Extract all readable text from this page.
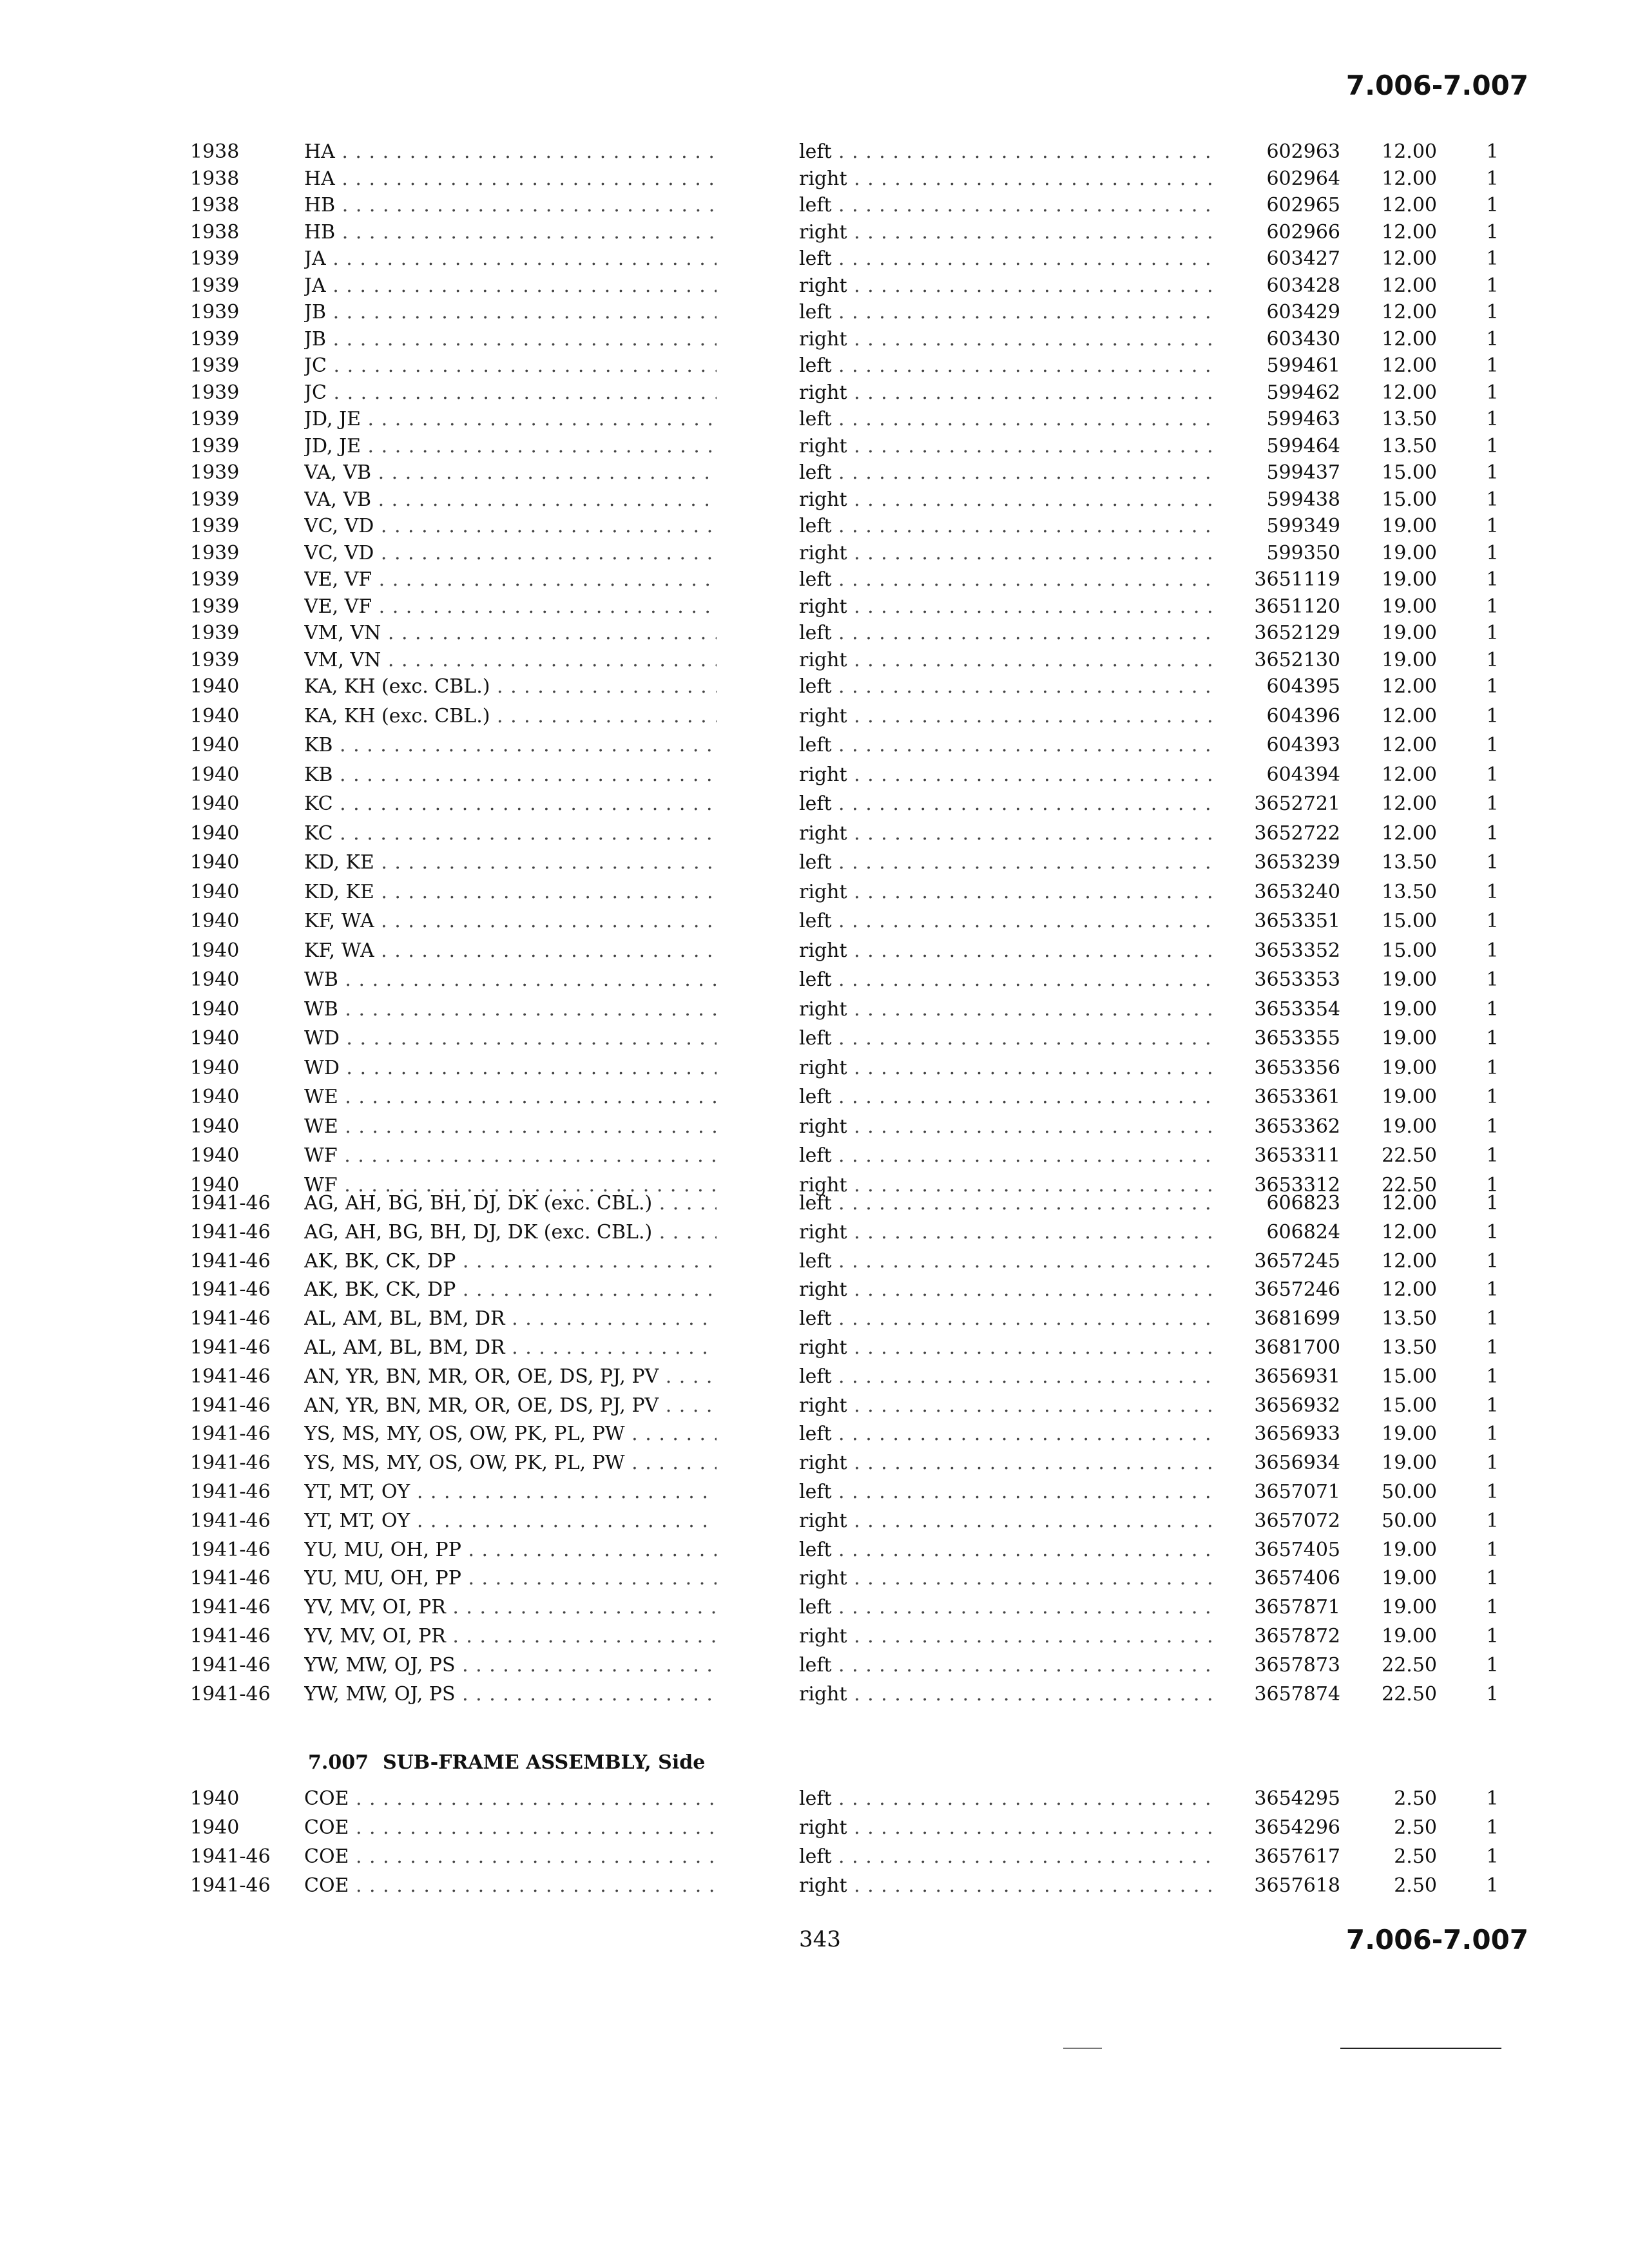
7.006-7.007
1938	HA . . .	left . . .	602963	12.00	1
1938	HA . . .	right . . .	602964	12.00	1
1938	HB . . .	left . . .	602965	12.00	1
1938	HB . . .	right . . .	602966	12.00	1
1939	JA . . .	left . . .	603427	12.00	1
1939	JA . . .	right . . .	603428	12.00	1
1939	JB . . .	left . . .	603429	12.00	1
1939	JB . . .	right . . .	603430	12.00	1
1939	JC . . .	left . . .	599461	12.00	1
1939	JC . . .	right . . .	599462	12.00	1
1939	JD, JE . . .	left . . .	599463	13.50	1
1939	JD, JE . . .	right . . .	599464	13.50	1
1939	VA, VB . . .	left . . .	599437	15.00	1
1939	VA, VB . . .	right . . .	599438	15.00	1
1939	VC, VD . . .	left . . .	599349	19.00	1
1939	VC, VD . . .	right . . .	599350	19.00	1
1939	VE, VF . . .	left . . .	3651119	19.00	1
1939	VE, VF . . .	right . . .	3651120	19.00	1
1939	VM, VN . . .	left . . .	3652129	19.00	1
1939	VM, VN . . .	right . . .	3652130	19.00	1
1940	KA, KH (exc. CBL.) . . .	left . . .	604395	12.00	1
1940	KA, KH (exc. CBL.) . . .	right . . .	604396	12.00	1
1940	KB . . .	left . . .	604393	12.00	1
1940	KB . . .	right . . .	604394	12.00	1
1940	KC . . .	left . . .	3652721	12.00	1
1940	KC . . .	right . . .	3652722	12.00	1
1940	KD, KE . . .	left . . .	3653239	13.50	1
1940	KD, KE . . .	right . . .	3653240	13.50	1
1940	KF, WA . . .	left . . .	3653351	15.00	1
1940	KF, WA . . .	right . . .	3653352	15.00	1
1940	WB . . .	left . . .	3653353	19.00	1
1940	WB . . .	right . . .	3653354	19.00	1
1940	WD . . .	left . . .	3653355	19.00	1
1940	WD . . .	right . . .	3653356	19.00	1
1940	WE . . .	left . . .	3653361	19.00	1
1940	WE . . .	right . . .	3653362	19.00	1
1940	WF . . .	left . . .	3653311	22.50	1
1940	WF . . .	right . . .	3653312	22.50	1
1941-46	AG, AH, BG, BH, DJ, DK (exc. CBL.) . . .	left . . .	606823	12.00	1
1941-46	AG, AH, BG, BH, DJ, DK (exc. CBL.) . . .	right . . .	606824	12.00	1
1941-46	AK, BK, CK, DP . . .	left . . .	3657245	12.00	1
1941-46	AK, BK, CK, DP . . .	right . . .	3657246	12.00	1
1941-46	AL, AM, BL, BM, DR . . .	left . . .	3681699	13.50	1
1941-46	AL, AM, BL, BM, DR . . .	right . . .	3681700	13.50	1
1941-46	AN, YR, BN, MR, OR, OE, DS, PJ, PV . . .	left . . .	3656931	15.00	1
1941-46	AN, YR, BN, MR, OR, OE, DS, PJ, PV . . .	right . . .	3656932	15.00	1
1941-46	YS, MS, MY, OS, OW, PK, PL, PW . . .	left . . .	3656933	19.00	1
1941-46	YS, MS, MY, OS, OW, PK, PL, PW . . .	right . . .	3656934	19.00	1
1941-46	YT, MT, OY . . .	left . . .	3657071	50.00	1
1941-46	YT, MT, OY . . .	right . . .	3657072	50.00	1
1941-46	YU, MU, OH, PP . . .	left . . .	3657405	19.00	1
1941-46	YU, MU, OH, PP . . .	right . . .	3657406	19.00	1
1941-46	YV, MV, OI, PR . . .	left . . .	3657871	19.00	1
1941-46	YV, MV, OI, PR . . .	right . . .	3657872	19.00	1
1941-46	YW, MW, OJ, PS . . .	left . . .	3657873	22.50	1
1941-46	YW, MW, OJ, PS . . .	right . . .	3657874	22.50	1
7.007 SUB-FRAME ASSEMBLY, Side
1940	COE . . .	left . . .	3654295	2.50	1
1940	COE . . .	right . . .	3654296	2.50	1
1941-46	COE . . .	left . . .	3657617	2.50	1
1941-46	COE . . .	right . . .	3657618	2.50	1
343	7.006-7.007
